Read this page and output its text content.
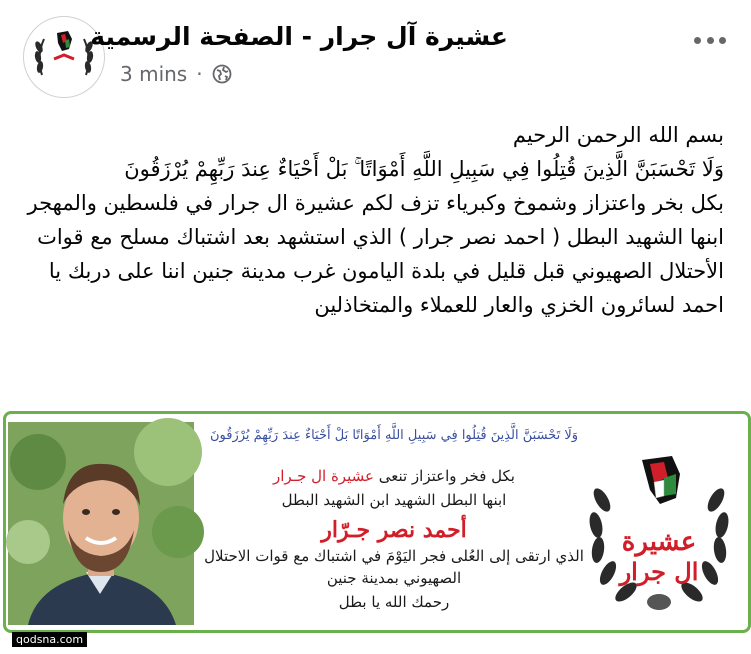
عشيرة آل جرار - الصفحة الرسمية
3 mins ·

بسم الله الرحمن الرحيم

وَلَا تَحْسَبَنَّ الَّذِينَ قُتِلُوا فِي سَبِيلِ اللَّهِ أَمْوَاتًا ۚ بَلْ أَحْيَاءٌ عِندَ رَبِّهِمْ يُرْزَقُونَ

بكل بخر واعتزاز وشموخ وكبرياء تزف لكم عشيرة ال جرار في فلسطين والمهجر ابنها الشهيد البطل ( احمد نصر جرار ) الذي استشهد بعد اشتباك مسلح مع قوات الأحتلال الصهيوني قبل قليل في بلدة اليامون غرب مدينة جنين اننا على دربك يا احمد لسائرون الخزي والعار للعملاء والمتخاذلين

qodsna.com
وَلَا تَحْسَبَنَّ الَّذِينَ قُتِلُوا فِي سَبِيلِ اللَّهِ أَمْوَاتًا بَلْ أَحْيَاءٌ عِندَ رَبِّهِمْ يُرْزَقُونَ
بكل فخر واعتزاز تنعى عشيرة ال جـرار
ابنها البطل الشهيد ابن الشهيد البطل
أحمد نصر جـرّار
الذي ارتقى إلى العُلى فجر اليَوْمَ في اشتباك مع قوات الاحتلال
الصهيوني بمدينة جنين
رحمك الله يا بطل
عشيرة
ال جرار
